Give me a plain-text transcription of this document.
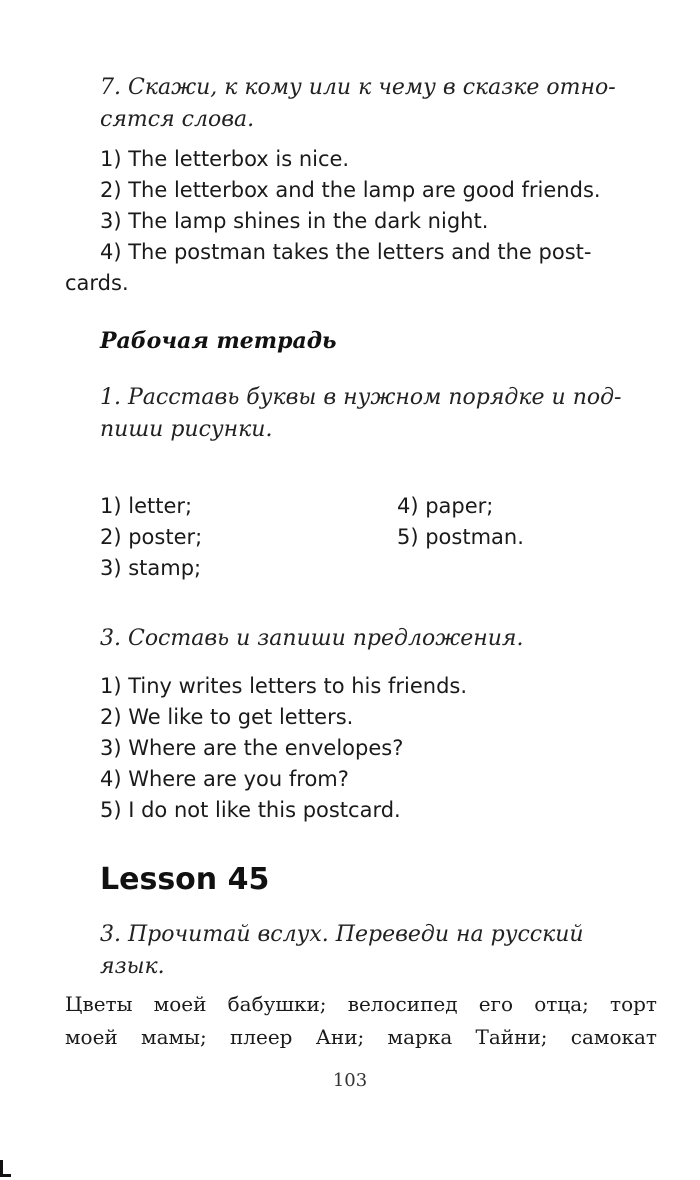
7. Скажи, к кому или к чему в сказке отно-
сятся слова.

1) The letterbox is nice.
2) The letterbox and the lamp are good friends.
3) The lamp shines in the dark night.
4) The postman takes the letters and the post-

cards.

Рабочая тетрадь

1. Расставь буквы в нужном порядке и под-
пиши рисунки.

1) letter;
2) poster;
3) stamp;
4) paper;
5) postman.

3. Составь и запиши предложения.

1) Tiny writes letters to his friends.
2) We like to get letters.
3) Where are the envelopes?
4) Where are you from?
5) I do not like this postcard.
Lesson 45

3. Прочитай вслух. Переведи на русский
язык.

Цветы моей бабушки; велосипед его отца; торт
моей мамы; плеер Ани; марка Тайни; самокат

103
